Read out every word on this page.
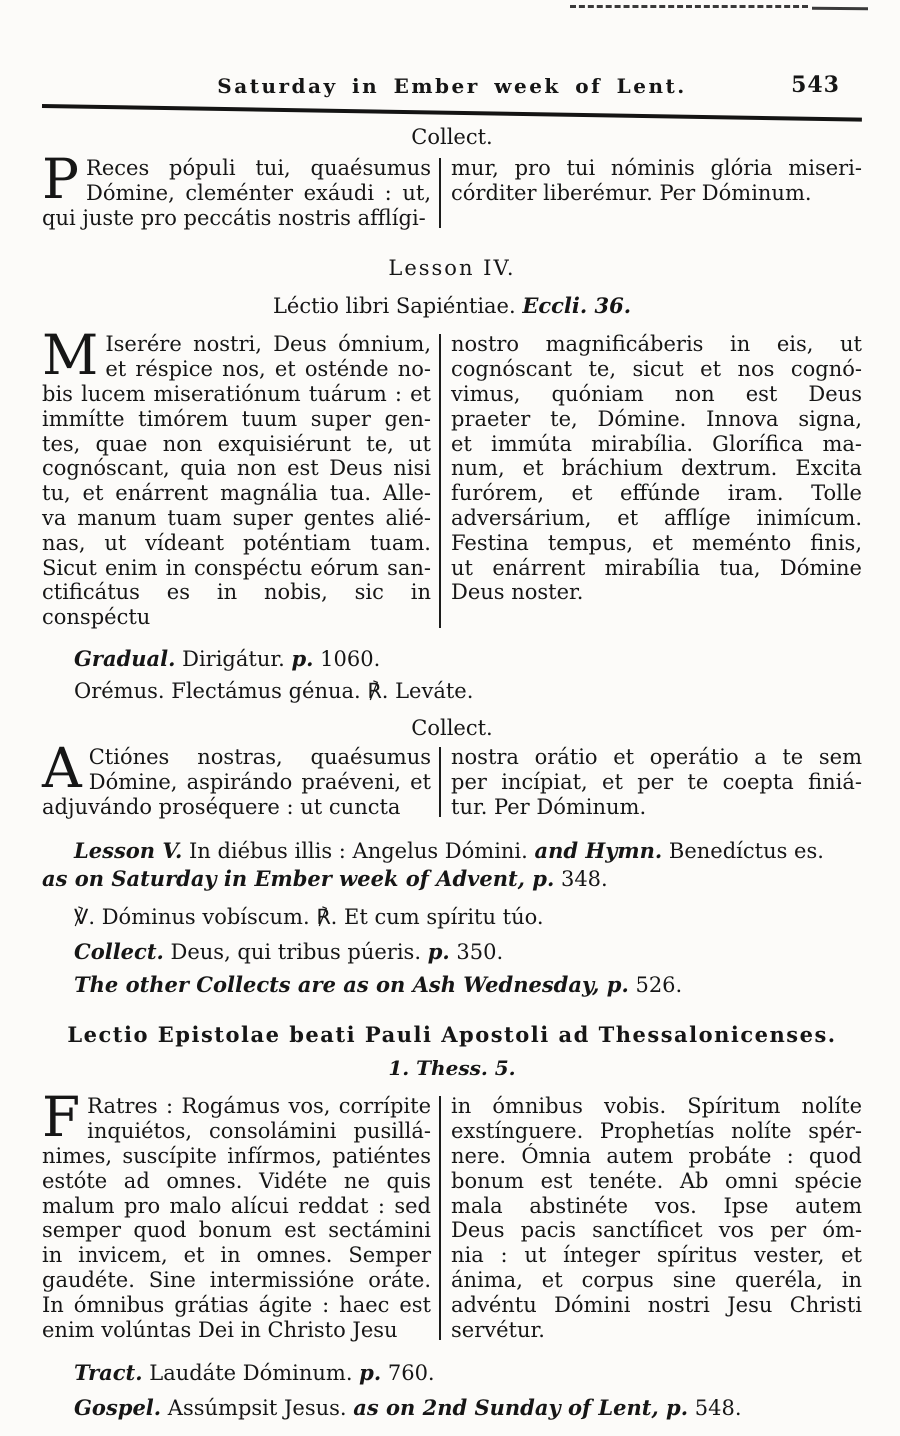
Saturday in Ember week of Lent.	543
Collect.
P Reces pópuli tui, quaésumus
Dómine, cleménter exáudi : ut,
qui juste pro peccátis nostris afflígi-
mur, pro tui nóminis glória miseri-
córditer liberémur. Per Dóminum.
Lesson IV.
Léctio libri Sapiéntiae. Eccli. 36.
M Iserére nostri, Deus ómnium,
et réspice nos, et osténde no-
bis lucem miseratiónum tuárum : et
immítte timórem tuum super gen-
tes, quae non exquisiérunt te, ut
cognóscant, quia non est Deus nisi
tu, et enárrent magnália tua. Alle-
va manum tuam super gentes alié-
nas, ut vídeant poténtiam tuam.
Sicut enim in conspéctu eórum san-
ctificátus es in nobis, sic in conspéctu
nostro magnificáberis in eis, ut
cognóscant te, sicut et nos cognó-
vimus, quóniam non est Deus
praeter te, Dómine. Innova signa,
et immúta mirabília. Glorífica ma-
num, et bráchium dextrum. Excita
furórem, et effúnde iram. Tolle
adversárium, et afflíge inimícum.
Festina tempus, et meménto finis,
ut enárrent mirabília tua, Dómine
Deus noster.
Gradual. Dirigátur. p. 1060.
Orémus. Flectámus génua. ℟. Leváte.
Collect.
A Ctiónes nostras, quaésumus
Dómine, aspirándo praéveni, et
adjuvándo proséquere : ut cuncta
nostra orátio et operátio a te sem
per incípiat, et per te coepta finiá-
tur. Per Dóminum.
Lesson V. In diébus illis : Angelus Dómini. and Hymn. Benedíctus es.
as on Saturday in Ember week of Advent, p. 348.
℣. Dóminus vobíscum. ℟. Et cum spíritu túo.
Collect. Deus, qui tribus púeris. p. 350.
The other Collects are as on Ash Wednesday, p. 526.
Lectio Epistolae beati Pauli Apostoli ad Thessalonicenses.
1. Thess. 5.
F Ratres : Rogámus vos, corrípite
inquiétos, consolámini pusillá-
nimes, suscípite infírmos, patiéntes
estóte ad omnes. Vidéte ne quis
malum pro malo alícui reddat : sed
semper quod bonum est sectámini
in invicem, et in omnes. Semper
gaudéte. Sine intermissióne oráte.
In ómnibus grátias ágite : haec est
enim volúntas Dei in Christo Jesu
in ómnibus vobis. Spíritum nolíte
exstínguere. Prophetías nolíte spér-
nere. Ómnia autem probáte : quod
bonum est tenéte. Ab omni spécie
mala abstinéte vos. Ipse autem
Deus pacis sanctíficet vos per óm-
nia : ut ínteger spíritus vester, et
ánima, et corpus sine queréla, in
advéntu Dómini nostri Jesu Christi
servétur.
Tract. Laudáte Dóminum. p. 760.
Gospel. Assúmpsit Jesus. as on 2nd Sunday of Lent, p. 548.
